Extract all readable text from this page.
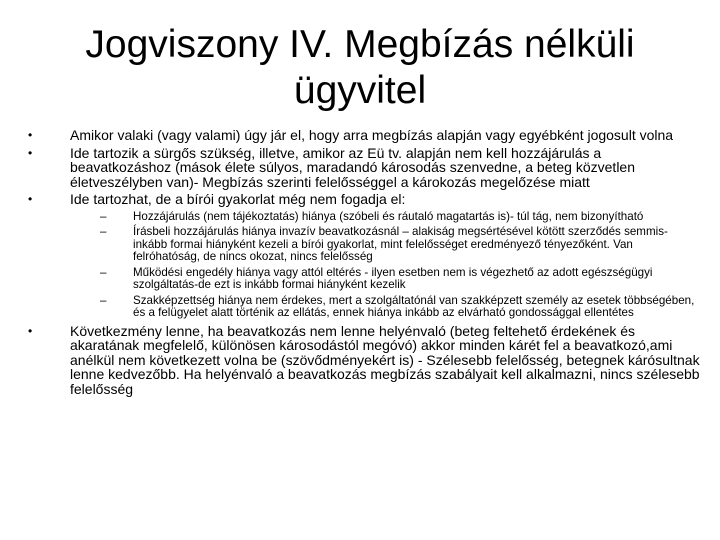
Jogviszony IV. Megbízás nélküli
ügyvitel
•	Amikor valaki (vagy valami) úgy jár el, hogy arra megbízás alapján vagy egyébként jogosult volna
•	Ide tartozik a sürgős szükség, illetve, amikor az Eü tv. alapján nem kell hozzájárulás a beavatkozáshoz (mások élete súlyos, maradandó károsodás szenvedne, a beteg közvetlen életveszélyben van)- Megbízás szerinti felelősséggel a károkozás megelőzése miatt
•	Ide tartozhat, de a bírói gyakorlat még nem fogadja el:
–	Hozzájárulás (nem tájékoztatás) hiánya (szóbeli és ráutaló magatartás is)- túl tág, nem bizonyítható
–	Írásbeli hozzájárulás hiánya invazív beavatkozásnál – alakiság megsértésével kötött szerződés semmis-inkább formai hiányként kezeli a bírói gyakorlat, mint felelősséget eredményező tényezőként. Van felróhatóság, de nincs okozat, nincs felelősség
–	Működési engedély hiánya vagy attól eltérés - ilyen esetben nem is végezhető az adott egészségügyi szolgáltatás-de ezt is inkább formai hiányként kezelik
–	Szakképzettség hiánya nem érdekes, mert a szolgáltatónál van szakképzett személy az esetek többségében, és a felügyelet alatt történik az ellátás, ennek hiánya inkább az elvárható gondossággal ellentétes
•	Következmény lenne, ha beavatkozás nem lenne helyénvaló (beteg feltehető érdekének és akaratának megfelelő, különösen károsodástól megóvó) akkor minden kárét fel a beavatkozó,ami anélkül nem következett volna be (szövődményekért is) - Szélesebb felelősség, betegnek kárósultnak lenne kedvezőbb. Ha helyénvaló a beavatkozás megbízás szabályait kell alkalmazni, nincs szélesebb felelősség
